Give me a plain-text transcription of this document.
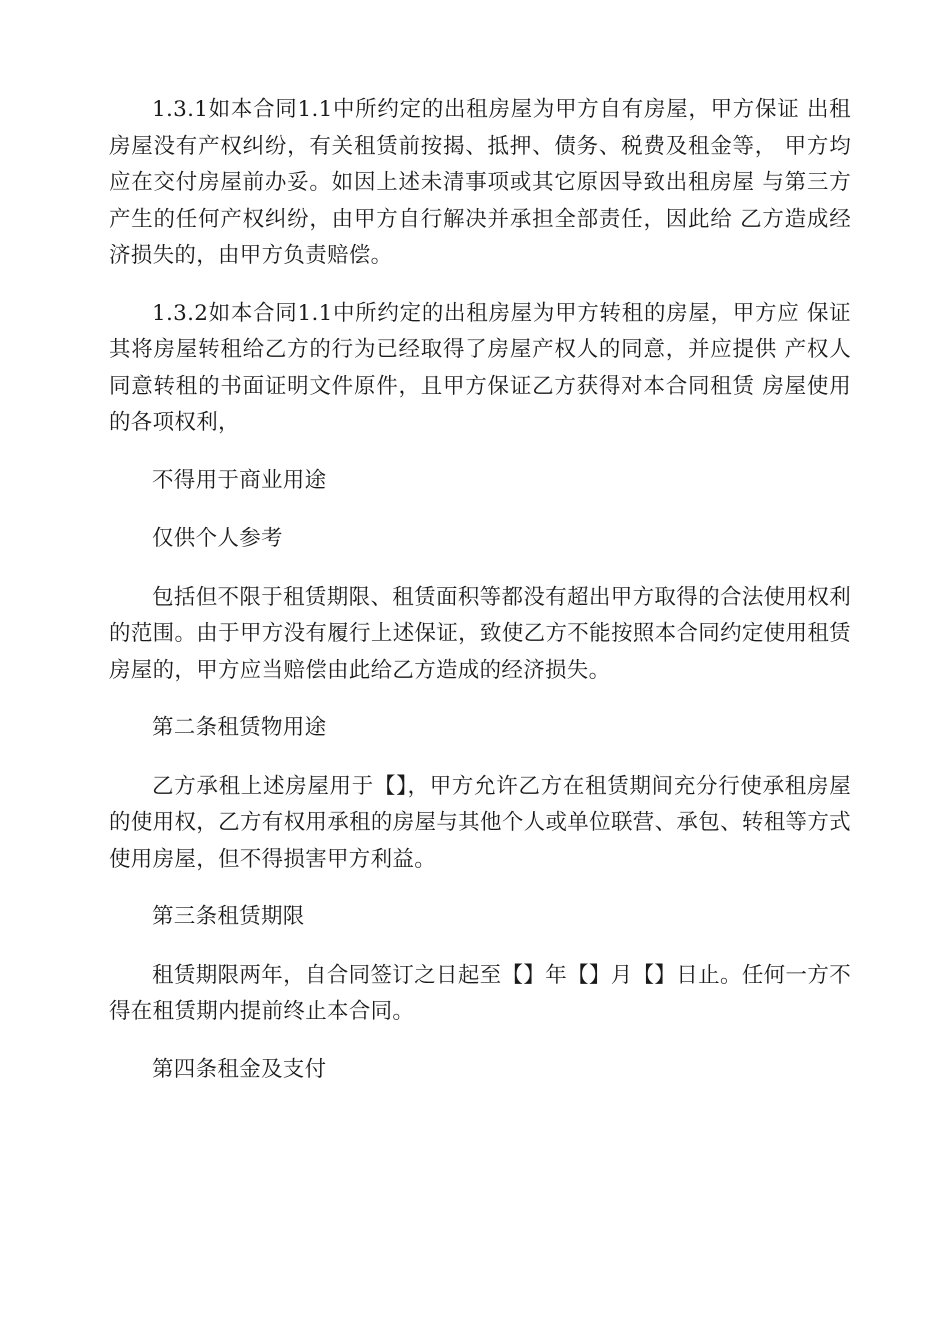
1.3.1如本合同1.1中所约定的出租房屋为甲方自有房屋，甲方保证 出租房屋没有产权纠纷，有关租赁前按揭、抵押、债务、税费及租金等， 甲方均应在交付房屋前办妥。如因上述未清事项或其它原因导致出租房屋 与第三方产生的任何产权纠纷，由甲方自行解决并承担全部责任，因此给 乙方造成经济损失的，由甲方负责赔偿。

1.3.2如本合同1.1中所约定的出租房屋为甲方转租的房屋，甲方应 保证其将房屋转租给乙方的行为已经取得了房屋产权人的同意，并应提供 产权人同意转租的书面证明文件原件，且甲方保证乙方获得对本合同租赁 房屋使用的各项权利，

不得用于商业用途

仅供个人参考

包括但不限于租赁期限、租赁面积等都没有超出甲方取得的合法使用权利的范围。由于甲方没有履行上述保证，致使乙方不能按照本合同约定使用租赁房屋的，甲方应当赔偿由此给乙方造成的经济损失。

第二条租赁物用途

乙方承租上述房屋用于【】，甲方允许乙方在租赁期间充分行使承租房屋的使用权，乙方有权用承租的房屋与其他个人或单位联营、承包、转租等方式使用房屋，但不得损害甲方利益。

第三条租赁期限

租赁期限两年，自合同签订之日起至【】年【】月【】日止。任何一方不得在租赁期内提前终止本合同。

第四条租金及支付
